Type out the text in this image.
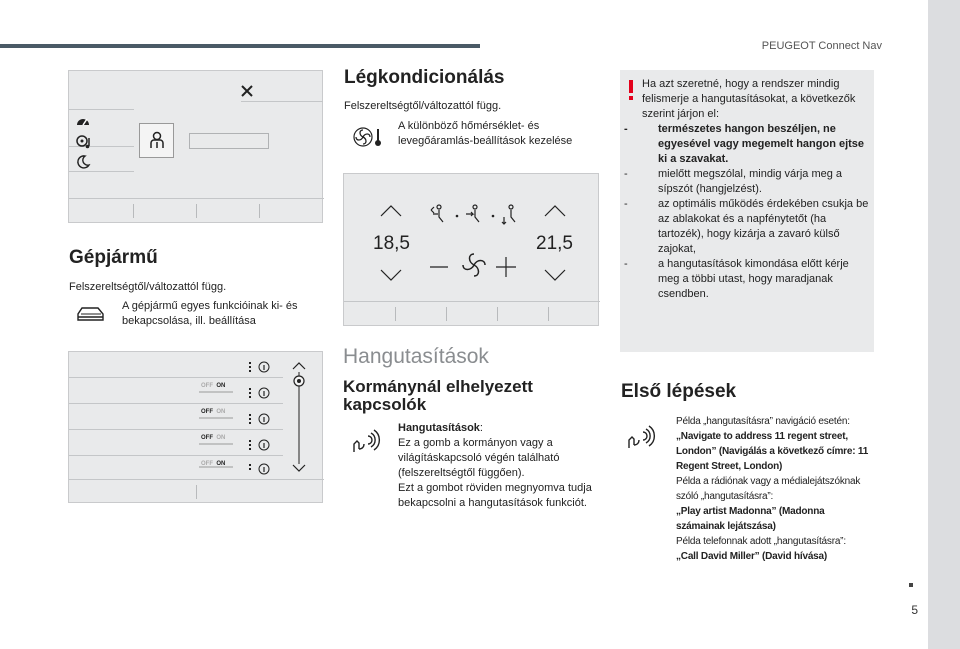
PEUGEOT Connect Nav
5
Gépjármű
Felszereltségtől/változattól függ.
A gépjármű egyes funkcióinak ki- és bekapcsolása, ill. beállítása
OFF ON
OFF ON
OFF ON
OFF ON
Légkondicionálás
Felszereltségtől/változattól függ.
A különböző hőmérséklet- és levegőáramlás-beállítások kezelése
18,5	21,5
Hangutasítások
Kormánynál elhelyezett kapcsolók
Hangutasítások:
Ez a gomb a kormányon vagy a világításkapcsoló végén található (felszereltségtől függően).
Ezt a gombot röviden megnyomva tudja bekapcsolni a hangutasítások funkciót.
Ha azt szeretné, hogy a rendszer mindig felismerje a hangutasításokat, a következők szerint járjon el:
- természetes hangon beszéljen, ne egyesével vagy megemelt hangon ejtse ki a szavakat.
- mielőtt megszólal, mindig várja meg a sípszót (hangjelzést).
- az optimális működés érdekében csukja be az ablakokat és a napfénytetőt (ha tartozék), hogy kizárja a zavaró külső zajokat,
- a hangutasítások kimondása előtt kérje meg a többi utast, hogy maradjanak csendben.
Első lépések
Példa „hangutasításra” navigáció esetén:
„Navigate to address 11 regent street, London” (Navigálás a következő címre: 11 Regent Street, London)
Példa a rádiónak vagy a médialejátszóknak szóló „hangutasításra”:
„Play artist Madonna” (Madonna számainak lejátszása)
Példa telefonnak adott „hangutasításra”:
„Call David Miller” (David hívása)
